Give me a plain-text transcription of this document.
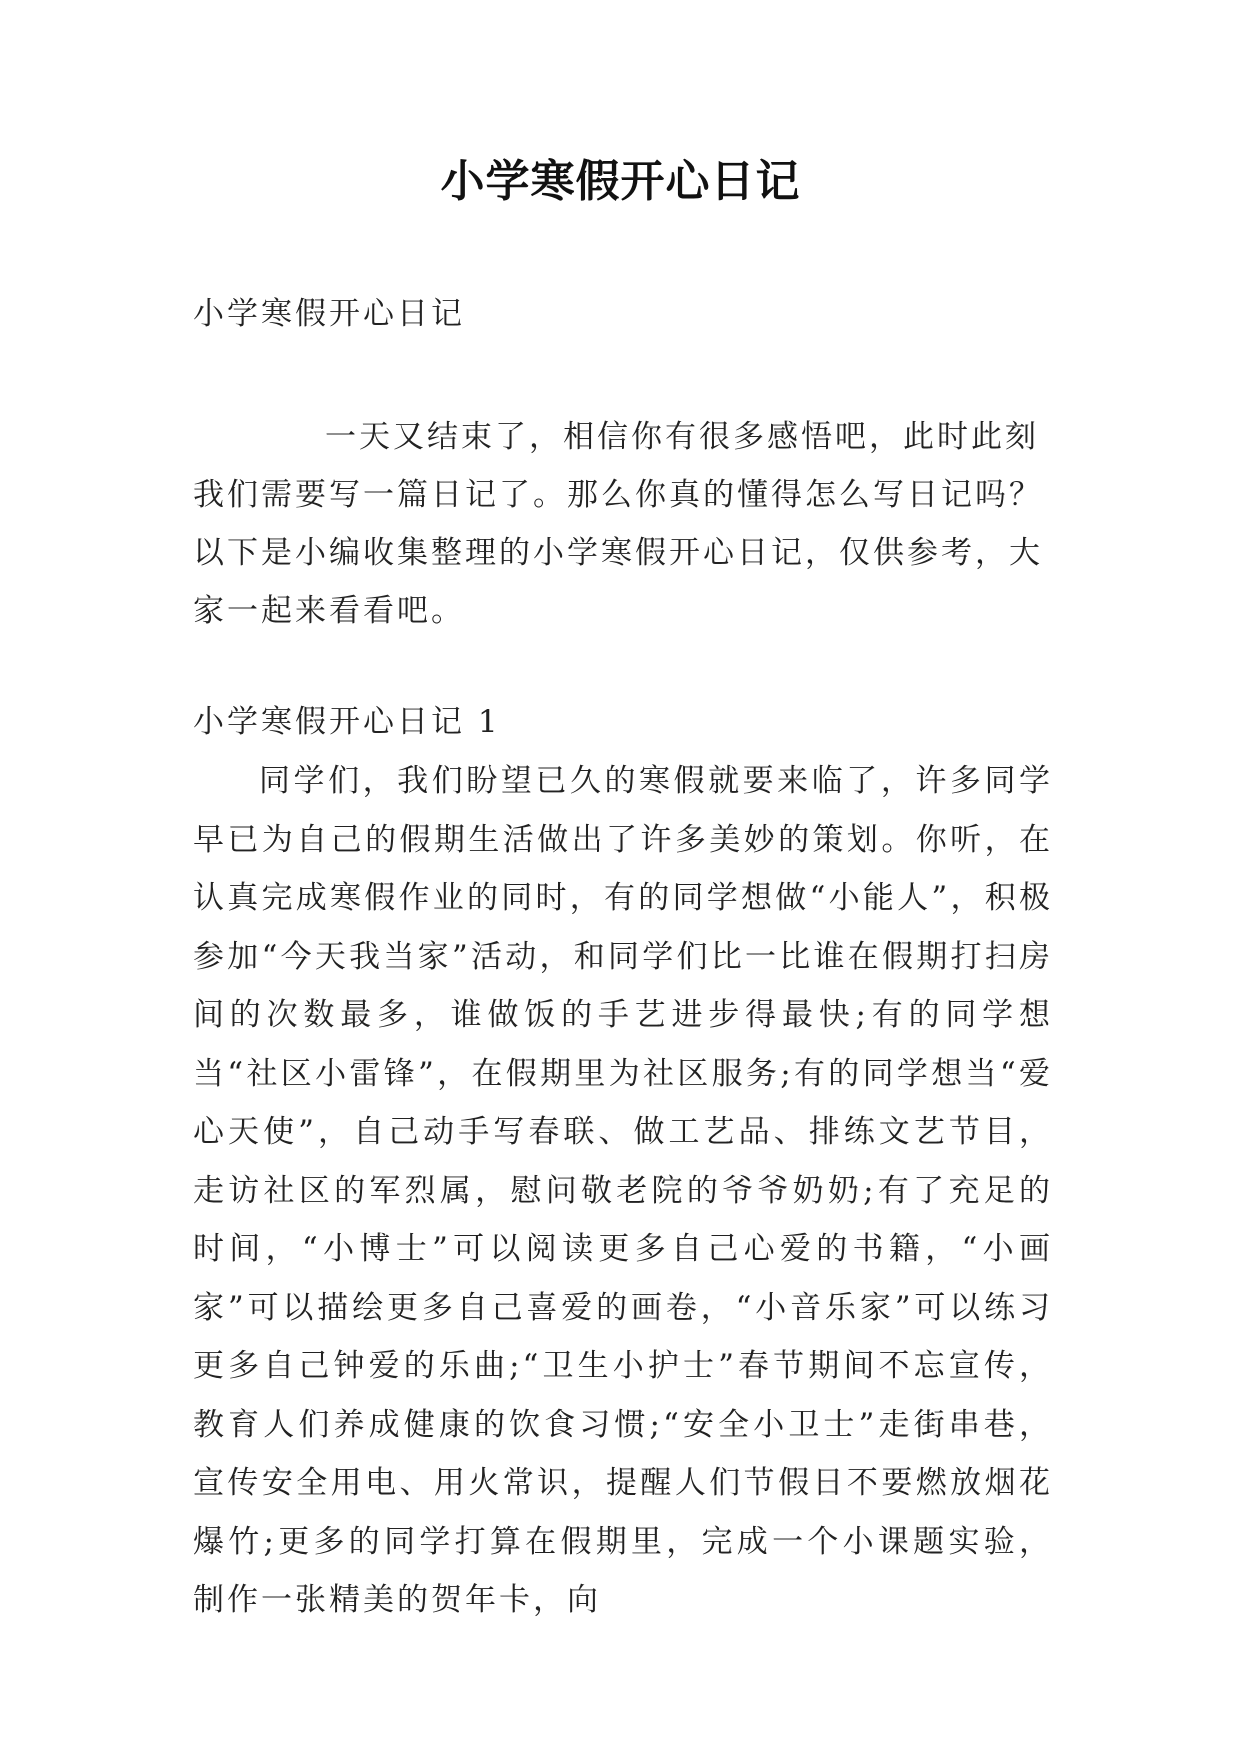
小学寒假开心日记

小学寒假开心日记

一天又结束了，相信你有很多感悟吧，此时此刻我们需要写一篇日记了。那么你真的懂得怎么写日记吗？以下是小编收集整理的小学寒假开心日记，仅供参考，大家一起来看看吧。

小学寒假开心日记 1

同学们，我们盼望已久的寒假就要来临了，许多同学早已为自己的假期生活做出了许多美妙的策划。你听，在认真完成寒假作业的同时，有的同学想做“小能人”，积极参加“今天我当家”活动，和同学们比一比谁在假期打扫房间的次数最多，谁做饭的手艺进步得最快;有的同学想当“社区小雷锋”，在假期里为社区服务;有的同学想当“爱心天使”，自己动手写春联、做工艺品、排练文艺节目，走访社区的军烈属，慰问敬老院的爷爷奶奶;有了充足的时间，“小博士”可以阅读更多自己心爱的书籍，“小画家”可以描绘更多自己喜爱的画卷，“小音乐家”可以练习更多自己钟爱的乐曲;“卫生小护士”春节期间不忘宣传，教育人们养成健康的饮食习惯;“安全小卫士”走街串巷，宣传安全用电、用火常识，提醒人们节假日不要燃放烟花爆竹;更多的同学打算在假期里，完成一个小课题实验，制作一张精美的贺年卡，向
